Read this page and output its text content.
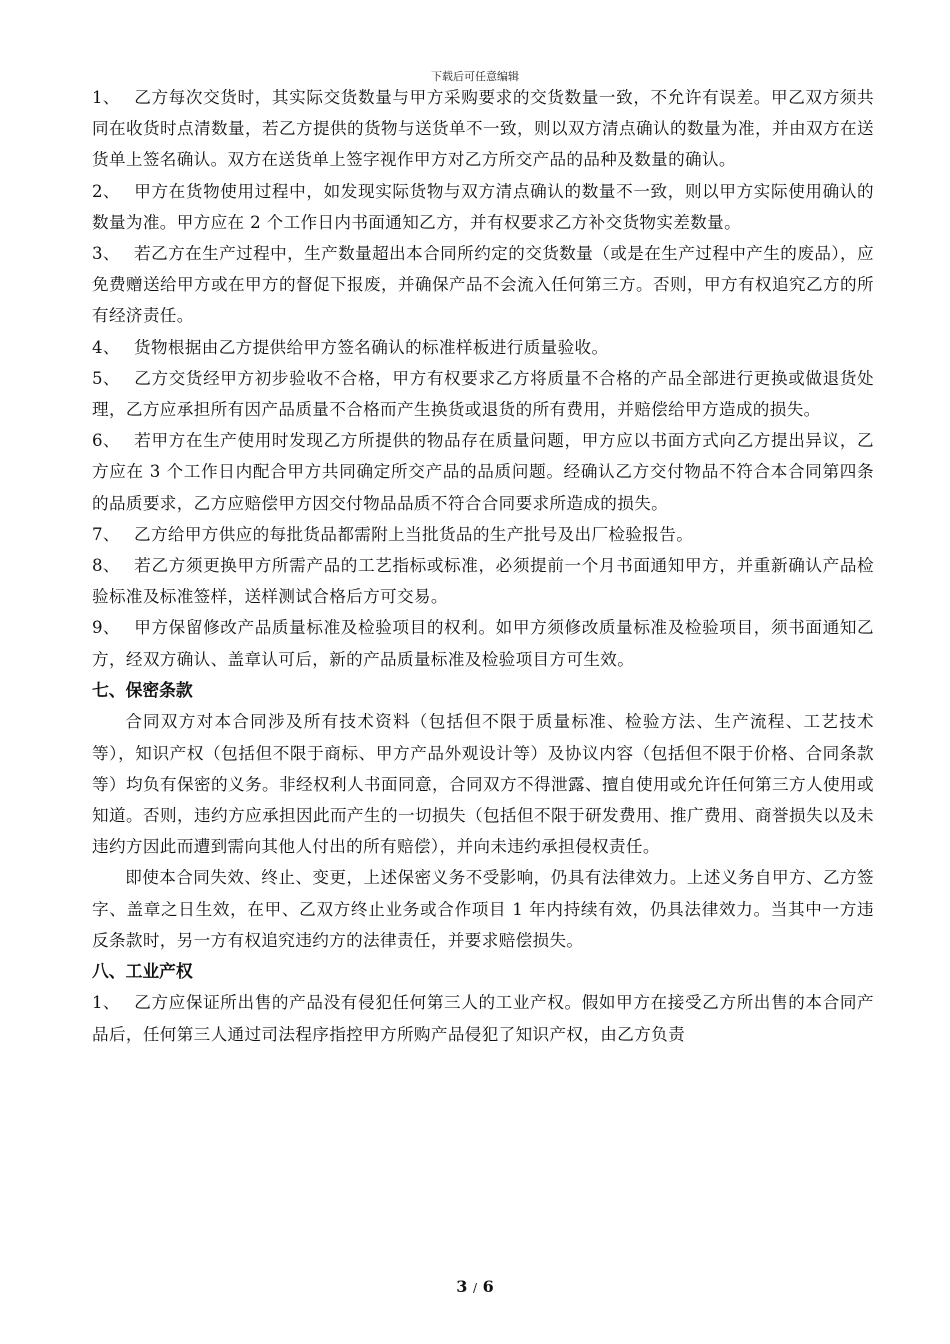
下载后可任意编辑

1、 乙方每次交货时，其实际交货数量与甲方采购要求的交货数量一致，不允许有误差。甲乙双方须共同在收货时点清数量，若乙方提供的货物与送货单不一致，则以双方清点确认的数量为准，并由双方在送货单上签名确认。双方在送货单上签字视作甲方对乙方所交产品的品种及数量的确认。

2、 甲方在货物使用过程中，如发现实际货物与双方清点确认的数量不一致，则以甲方实际使用确认的数量为准。甲方应在 2 个工作日内书面通知乙方，并有权要求乙方补交货物实差数量。

3、 若乙方在生产过程中，生产数量超出本合同所约定的交货数量（或是在生产过程中产生的废品），应免费赠送给甲方或在甲方的督促下报废，并确保产品不会流入任何第三方。否则，甲方有权追究乙方的所有经济责任。

4、 货物根据由乙方提供给甲方签名确认的标准样板进行质量验收。

5、 乙方交货经甲方初步验收不合格，甲方有权要求乙方将质量不合格的产品全部进行更换或做退货处理，乙方应承担所有因产品质量不合格而产生换货或退货的所有费用，并赔偿给甲方造成的损失。

6、 若甲方在生产使用时发现乙方所提供的物品存在质量问题，甲方应以书面方式向乙方提出异议，乙方应在 3 个工作日内配合甲方共同确定所交产品的品质问题。经确认乙方交付物品不符合本合同第四条的品质要求，乙方应赔偿甲方因交付物品品质不符合合同要求所造成的损失。

7、 乙方给甲方供应的每批货品都需附上当批货品的生产批号及出厂检验报告。

8、 若乙方须更换甲方所需产品的工艺指标或标准，必须提前一个月书面通知甲方，并重新确认产品检验标准及标准签样，送样测试合格后方可交易。

9、 甲方保留修改产品质量标准及检验项目的权利。如甲方须修改质量标准及检验项目，须书面通知乙方，经双方确认、盖章认可后，新的产品质量标准及检验项目方可生效。

七、保密条款

合同双方对本合同涉及所有技术资料（包括但不限于质量标准、检验方法、生产流程、工艺技术等），知识产权（包括但不限于商标、甲方产品外观设计等）及协议内容（包括但不限于价格、合同条款等）均负有保密的义务。非经权利人书面同意，合同双方不得泄露、擅自使用或允许任何第三方人使用或知道。否则，违约方应承担因此而产生的一切损失（包括但不限于研发费用、推广费用、商誉损失以及未违约方因此而遭到需向其他人付出的所有赔偿），并向未违约承担侵权责任。

即使本合同失效、终止、变更，上述保密义务不受影响，仍具有法律效力。上述义务自甲方、乙方签字、盖章之日生效，在甲、乙双方终止业务或合作项目 1 年内持续有效，仍具法律效力。当其中一方违反条款时，另一方有权追究违约方的法律责任，并要求赔偿损失。

八、工业产权

1、 乙方应保证所出售的产品没有侵犯任何第三人的工业产权。假如甲方在接受乙方所出售的本合同产品后，任何第三人通过司法程序指控甲方所购产品侵犯了知识产权，由乙方负责

3 / 6
